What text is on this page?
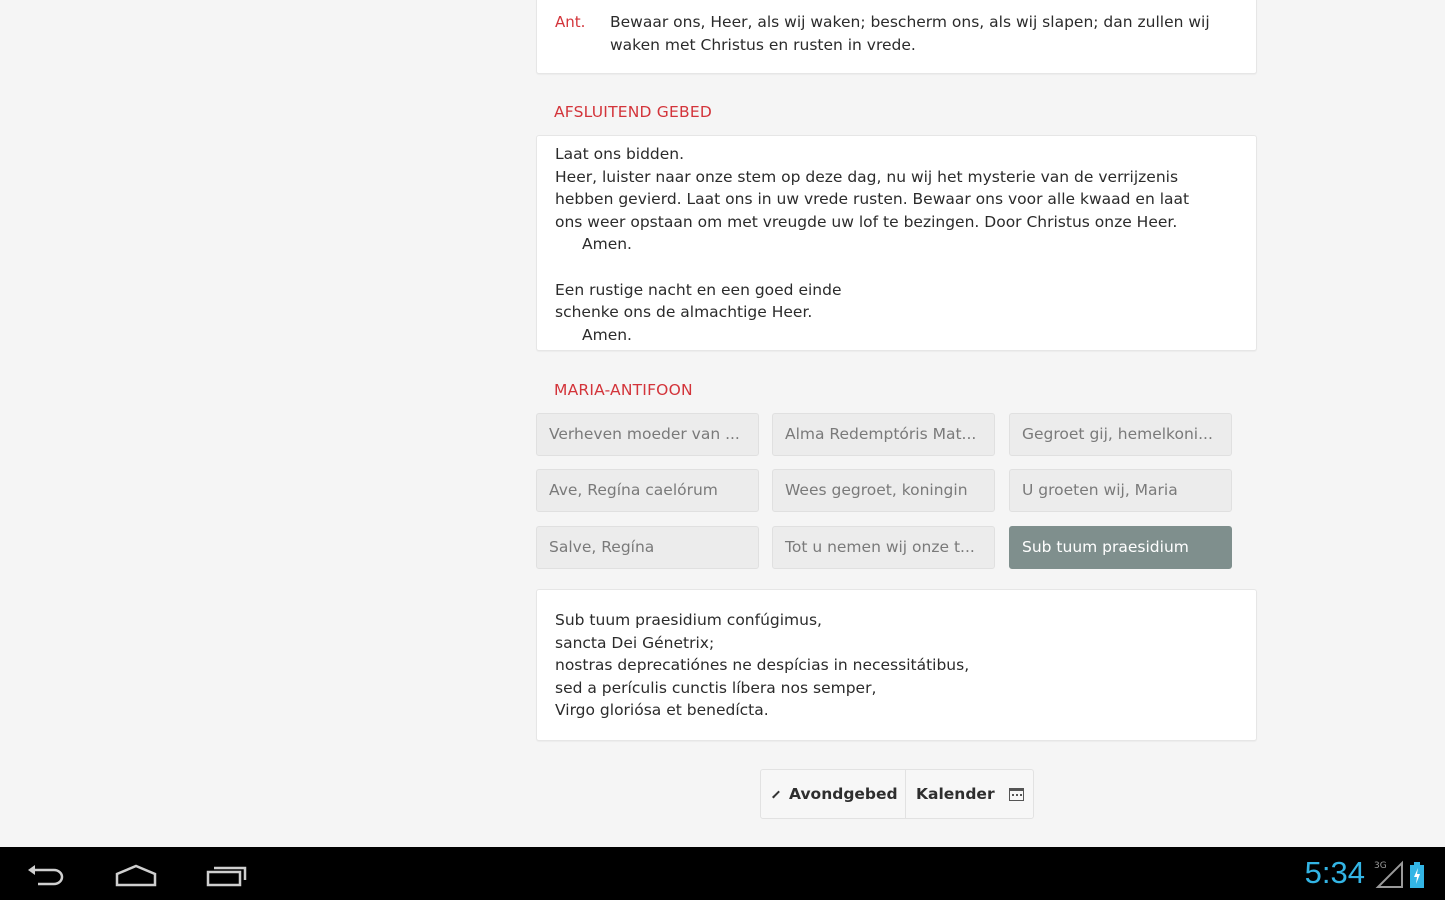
Ant.	Bewaar ons, Heer, als wij waken; bescherm ons, als wij slapen; dan zullen wij
waken met Christus en rusten in vrede.
AFSLUITEND GEBED
Laat ons bidden.
Heer, luister naar onze stem op deze dag, nu wij het mysterie van de verrijzenis
hebben gevierd. Laat ons in uw vrede rusten. Bewaar ons voor alle kwaad en laat
ons weer opstaan om met vreugde uw lof te bezingen. Door Christus onze Heer.
Amen.
Een rustige nacht en een goed einde
schenke ons de almachtige Heer.
Amen.
MARIA-ANTIFOON
Verheven moeder van ...	Alma Redemptóris Mat...	Gegroet gij, hemelkoni...
Ave, Regína caelórum	Wees gegroet, koningin	U groeten wij, Maria
Salve, Regína	Tot u nemen wij onze t...	Sub tuum praesidium
Sub tuum praesidium confúgimus,
sancta Dei Génetrix;
nostras deprecatiónes ne despícias in necessitátibus,
sed a perículis cunctis líbera nos semper,
Virgo gloriósa et benedícta.
Avondgebed Kalender
5:34 3G
